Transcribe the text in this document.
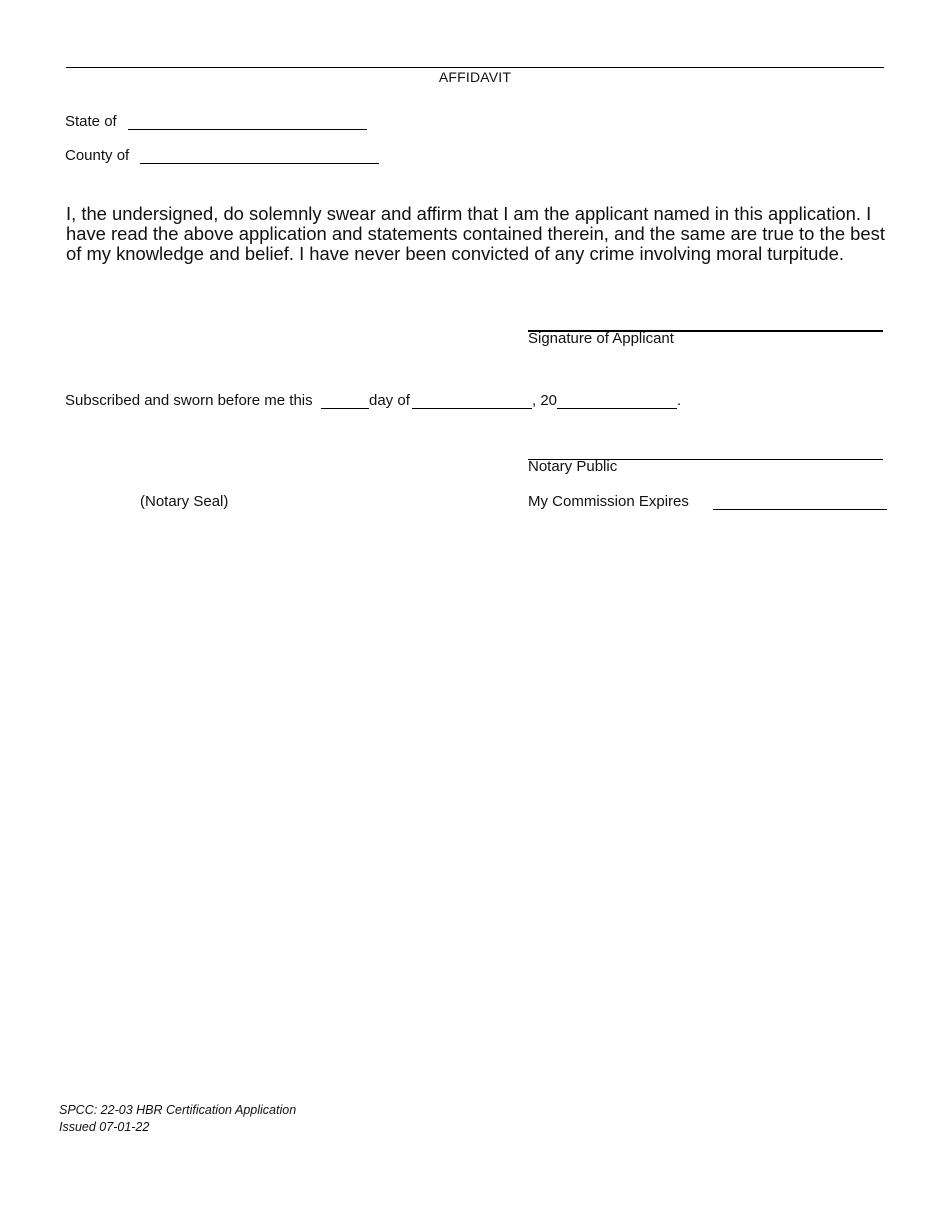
AFFIDAVIT
State of
County of
I, the undersigned, do solemnly swear and affirm that I am the applicant named in this application. I have read the above application and statements contained therein, and the same are true to the best of my knowledge and belief. I have never been convicted of any crime involving moral turpitude.
Signature of Applicant
Subscribed and sworn before me this	day of	, 20	.
Notary Public
(Notary Seal)	My Commission Expires
SPCC: 22-03 HBR Certification Application
Issued 07-01-22
